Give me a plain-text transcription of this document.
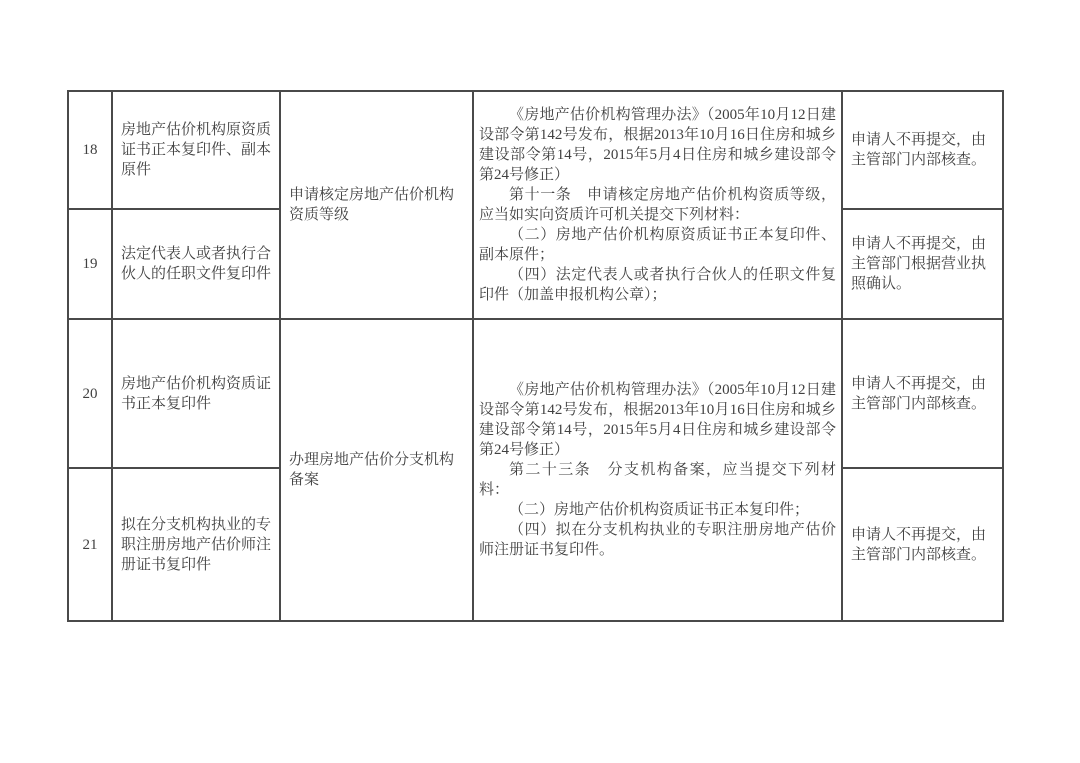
18	房地产估价机构原资质证书正本复印件、副本原件	申请核定房地产估价机构资质等级	《房地产估价机构管理办法》（2005年10月12日建设部令第142号发布，根据2013年10月16日住房和城乡建设部令第14号，2015年5月4日住房和城乡建设部令第24号修正）

第十一条　申请核定房地产估价机构资质等级，应当如实向资质许可机关提交下列材料：

（二）房地产估价机构原资质证书正本复印件、副本原件；

（四）法定代表人或者执行合伙人的任职文件复印件（加盖申报机构公章）；	申请人不再提交，由主管部门内部核查。
19	法定代表人或者执行合伙人的任职文件复印件			申请人不再提交，由主管部门根据营业执照确认。
20	房地产估价机构资质证书正本复印件	办理房地产估价分支机构备案	《房地产估价机构管理办法》（2005年10月12日建设部令第142号发布，根据2013年10月16日住房和城乡建设部令第14号，2015年5月4日住房和城乡建设部令第24号修正）

第二十三条　分支机构备案，应当提交下列材料：

（二）房地产估价机构资质证书正本复印件；

（四）拟在分支机构执业的专职注册房地产估价师注册证书复印件。	申请人不再提交，由主管部门内部核查。
21	拟在分支机构执业的专职注册房地产估价师注册证书复印件			申请人不再提交，由主管部门内部核查。
